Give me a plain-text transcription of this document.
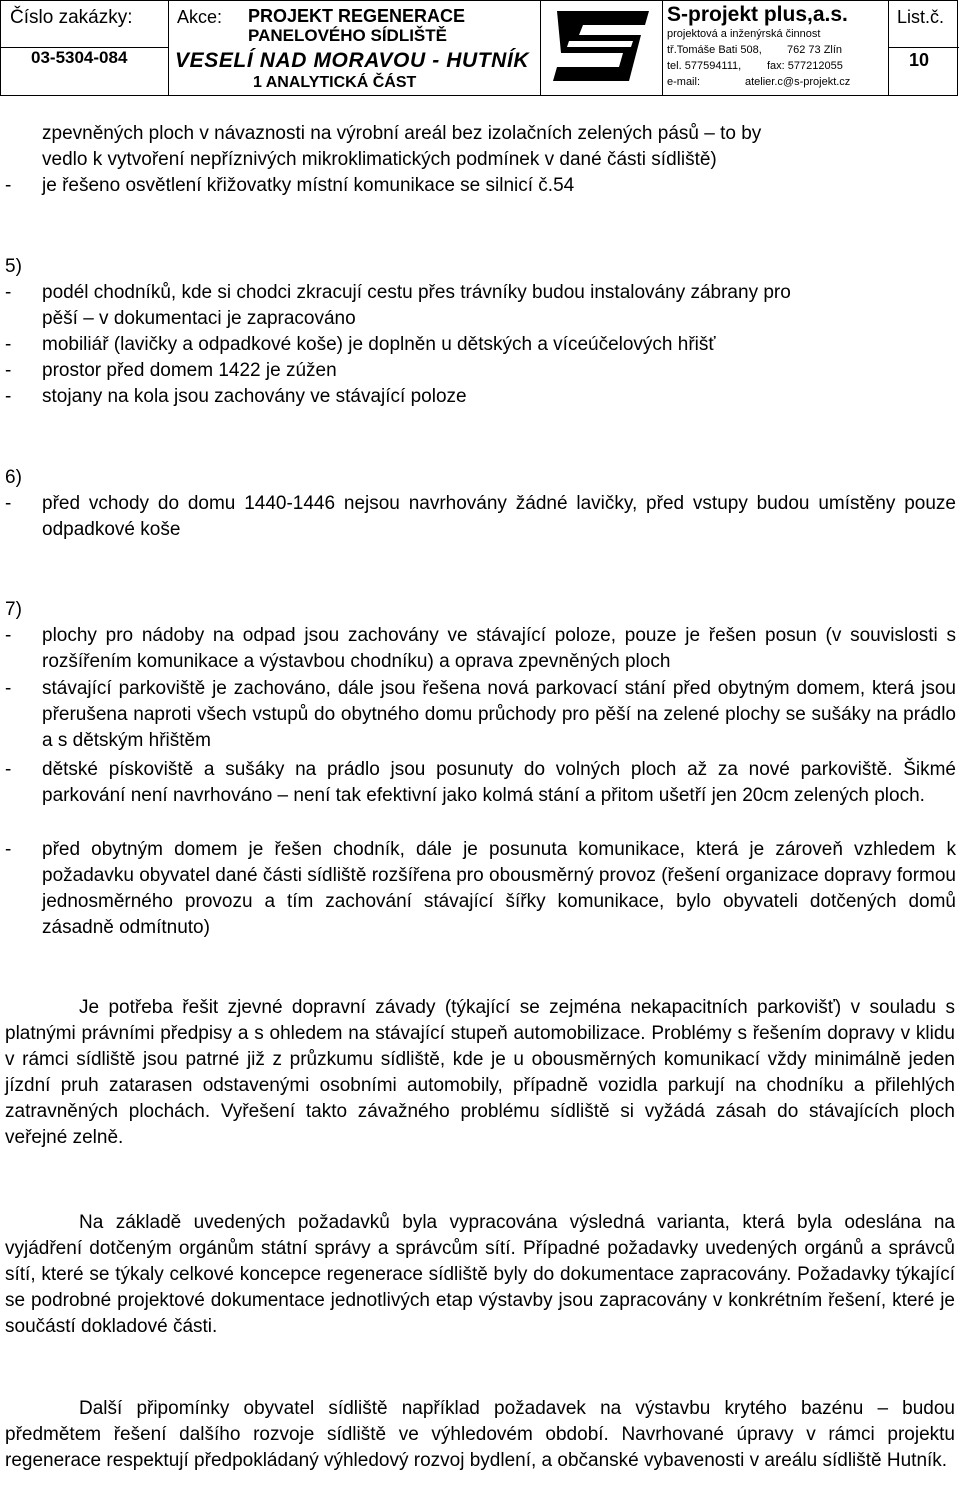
Číslo zakázky:
03-5304-084
Akce: PROJEKT REGENERACE
PANELOVÉHO SÍDLIŠTĚ
VESELÍ NAD MORAVOU - HUTNÍK
1 ANALYTICKÁ ČÁST
S-projekt plus,a.s.
projektová a inženýrská činnost
tř.Tomáše Bati 508, 762 73 Zlín
tel. 577594111, fax: 577212055
e-mail:	atelier.c@s-projekt.cz
List.č.
10
zpevněných ploch v návaznosti na výrobní areál bez izolačních zelených pásů – to by
vedlo k vytvoření nepříznivých mikroklimatických podmínek v dané části sídliště)
- je řešeno osvětlení křižovatky místní komunikace se silnicí č.54
5)
- podél chodníků, kde si chodci zkracují cestu přes trávníky budou instalovány zábrany pro
pěší – v dokumentaci je zapracováno
- mobiliář (lavičky a odpadkové koše) je doplněn u dětských a víceúčelových hřišť
- prostor před domem 1422 je zúžen
- stojany na kola jsou zachovány ve stávající poloze
6)
- před vchody do domu 1440-1446 nejsou navrhovány žádné lavičky, před vstupy budou umístěny pouze odpadkové koše
7)
- plochy pro nádoby na odpad jsou zachovány ve stávající poloze, pouze je řešen posun (v souvislosti s rozšířením komunikace a výstavbou chodníku) a oprava zpevněných ploch
- stávající parkoviště je zachováno, dále jsou řešena nová parkovací stání před obytným domem, která jsou přerušena naproti všech vstupů do obytného domu průchody pro pěší na zelené plochy se sušáky na prádlo a s dětským hřištěm
- dětské pískoviště a sušáky na prádlo jsou posunuty do volných ploch až za nové parkoviště. Šikmé parkování není navrhováno – není tak efektivní jako kolmá stání a přitom ušetří jen 20cm zelených ploch.
- před obytným domem je řešen chodník, dále je posunuta komunikace, která je zároveň vzhledem k požadavku obyvatel dané části sídliště rozšířena pro obousměrný provoz (řešení organizace dopravy formou jednosměrného provozu a tím zachování stávající šířky komunikace, bylo obyvateli dotčených domů zásadně odmítnuto)
Je potřeba řešit zjevné dopravní závady (týkající se zejména nekapacitních parkovišť) v souladu s platnými právními předpisy a s ohledem na stávající stupeň automobilizace. Problémy s řešením dopravy v klidu v rámci sídliště jsou patrné již z průzkumu sídliště, kde je u obousměrných komunikací vždy minimálně jeden jízdní pruh zatarasen odstavenými osobními automobily, případně vozidla parkují na chodníku a přilehlých zatravněných plochách. Vyřešení takto závažného problému sídliště si vyžádá zásah do stávajících ploch veřejné zelně.
Na základě uvedených požadavků byla vypracována výsledná varianta, která byla odeslána na vyjádření dotčeným orgánům státní správy a správcům sítí. Případné požadavky uvedených orgánů a správců sítí, které se týkaly celkové koncepce regenerace sídliště byly do dokumentace zapracovány. Požadavky týkající se podrobné projektové dokumentace jednotlivých etap výstavby jsou zapracovány v konkrétním řešení, které je součástí dokladové části.
Další připomínky obyvatel sídliště například požadavek na výstavbu krytého bazénu – budou předmětem řešení dalšího rozvoje sídliště ve výhledovém období. Navrhované úpravy v rámci projektu regenerace respektují předpokládaný výhledový rozvoj bydlení, a občanské vybavenosti v areálu sídliště Hutník.
